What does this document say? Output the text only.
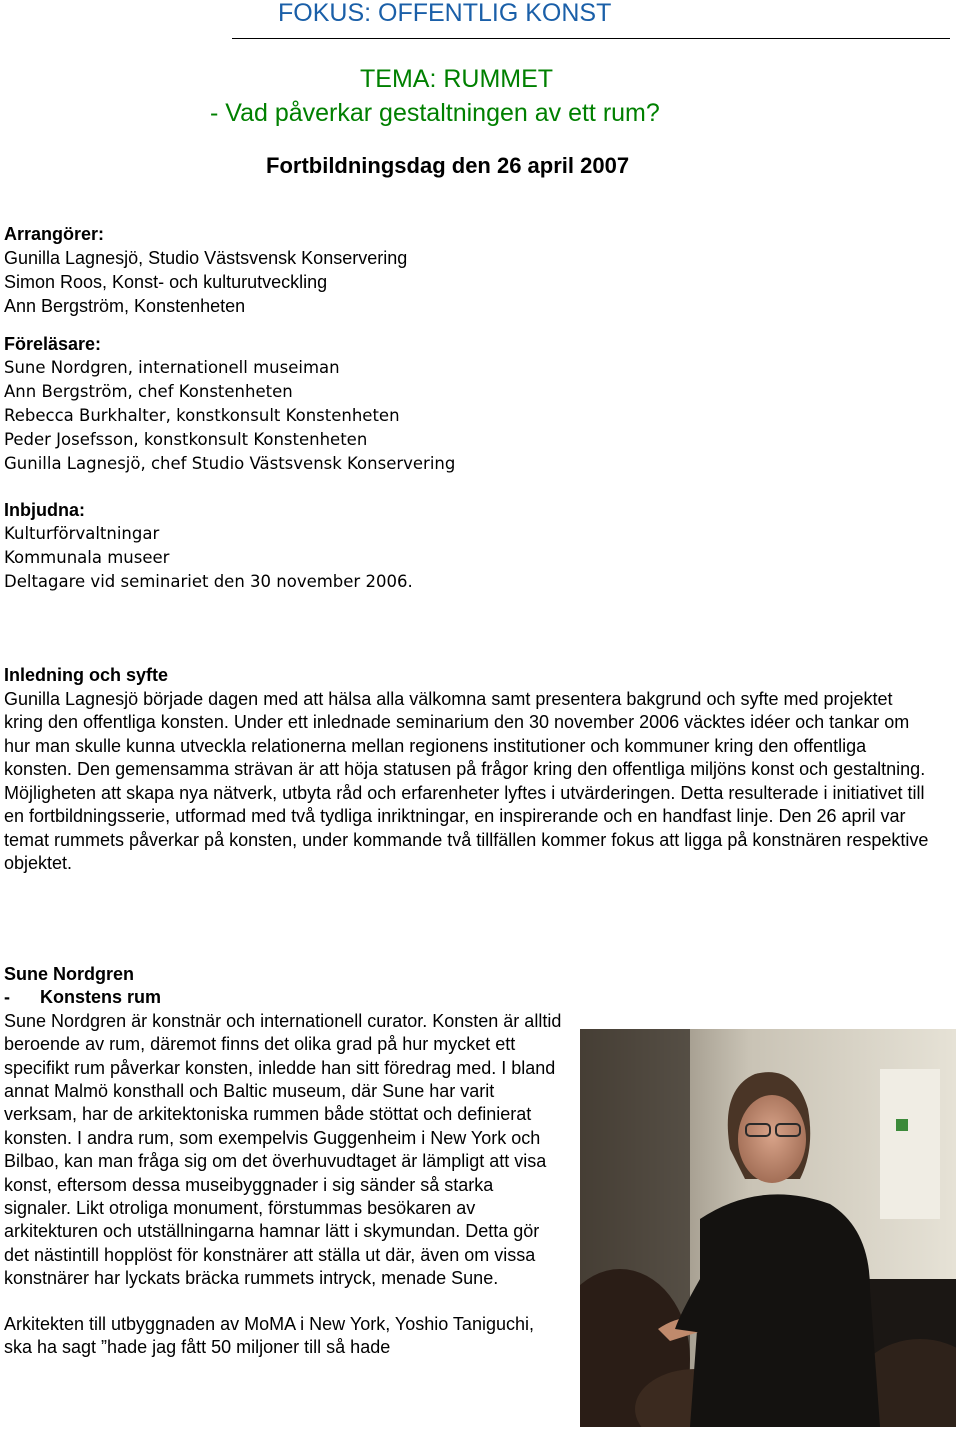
FOKUS: OFFENTLIG KONST
TEMA: RUMMET
- Vad påverkar gestaltningen av ett rum?
Fortbildningsdag den 26 april 2007
Arrangörer:
Gunilla Lagnesjö, Studio Västsvensk Konservering
Simon Roos, Konst- och kulturutveckling
Ann Bergström, Konstenheten
Föreläsare:
Sune Nordgren, internationell museiman
Ann Bergström, chef Konstenheten
Rebecca Burkhalter, konstkonsult Konstenheten
Peder Josefsson, konstkonsult Konstenheten
Gunilla Lagnesjö, chef Studio Västsvensk Konservering
Inbjudna:
Kulturförvaltningar
Kommunala museer
Deltagare vid seminariet den 30 november 2006.
Inledning och syfte

Gunilla Lagnesjö började dagen med att hälsa alla välkomna samt presentera bakgrund och syfte med projektet kring den offentliga konsten. Under ett inlednade seminarium den 30 november 2006 väcktes idéer och tankar om hur man skulle kunna utveckla relationerna mellan regionens institutioner och kommuner kring den offentliga konsten. Den gemensamma strävan är att höja statusen på frågor kring den offentliga miljöns konst och gestaltning. Möjligheten att skapa nya nätverk, utbyta råd och erfarenheter lyftes i utvärderingen. Detta resulterade i initiativet till en fortbildningsserie, utformad med två tydliga inriktningar, en inspirerande och en handfast linje. Den 26 april var temat rummets påverkar på konsten, under kommande två tillfällen kommer fokus att ligga på konstnären respektive objektet.

Sune Nordgren
- Konstens rum

Sune Nordgren är konstnär och internationell curator. Konsten är alltid beroende av rum, däremot finns det olika grad på hur mycket ett specifikt rum påverkar konsten, inledde han sitt föredrag med. I bland annat Malmö konsthall och Baltic museum, där Sune har varit verksam, har de arkitektoniska rummen både stöttat och definierat konsten. I andra rum, som exempelvis Guggenheim i New York och Bilbao, kan man fråga sig om det överhuvudtaget är lämpligt att visa konst, eftersom dessa museibyggnader i sig sänder så starka signaler. Likt otroliga monument, förstummas besökaren av arkitekturen och utställningarna hamnar lätt i skymundan. Detta gör det nästintill hopplöst för konstnärer att ställa ut där, även om vissa konstnärer har lyckats bräcka rummets intryck, menade Sune.

Arkitekten till utbyggnaden av MoMA i New York, Yoshio Taniguchi, ska ha sagt ”hade jag fått 50 miljoner till så hade
